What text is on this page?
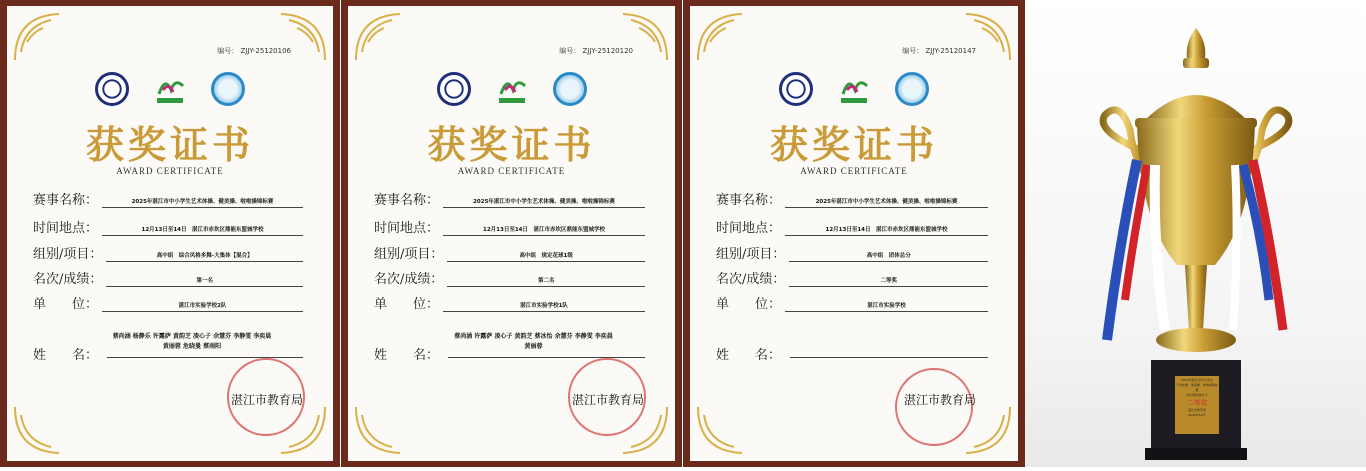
编号： ZJJY-25120106
获奖证书
AWARD CERTIFICATE
赛事名称：	2025年湛江市中小学生艺术体操、健美操、啦啦操锦标赛
时间地点：	12月13日至14日　湛江市赤坎区鼎能东盟城学校
组别/项目：	高中组　综合风格多舞-大集体【混合】
名次/成绩：	第一名
单　　位：	湛江市实验学校2队
姓　　名：
蔡尚涵 杨静乐 许露萨 黄韵芝 凌心子 余慧芬 李静雯 李奕晨
黄丽蓉 危晓曼 蔡雨阳
湛江市教育局
编号： ZJJY-25120120
获奖证书
AWARD CERTIFICATE
赛事名称：	2025年湛江市中小学生艺术体操、健美操、啦啦操锦标赛
时间地点：	12月13日至14日　湛江市赤坎区鼎能东盟城学校
组别/项目：	高中组　规定花球1级
名次/成绩：	第二名
单　　位：	湛江市实验学校1队
姓　　名：
蔡尚涵 许露萨 凌心子 黄韵芝 蔡冰怡 余慧芬 李静雯 李奕晨
黄丽蓉
湛江市教育局
编号： ZJJY-25120147
获奖证书
AWARD CERTIFICATE
赛事名称：	2025年湛江市中小学生艺术体操、健美操、啦啦操锦标赛
时间地点：	12月13日至14日　湛江市赤坎区鼎能东盟城学校
组别/项目：	高中组　团体总分
名次/成绩：	二等奖
单　　位：	湛江市实验学校
姓　　名：
湛江市教育局
2025年湛江市中小学生
艺术体操、健美操、啦啦操锦标赛
高中组团体总分
二等奖
湛江市教育局
2025年12月
